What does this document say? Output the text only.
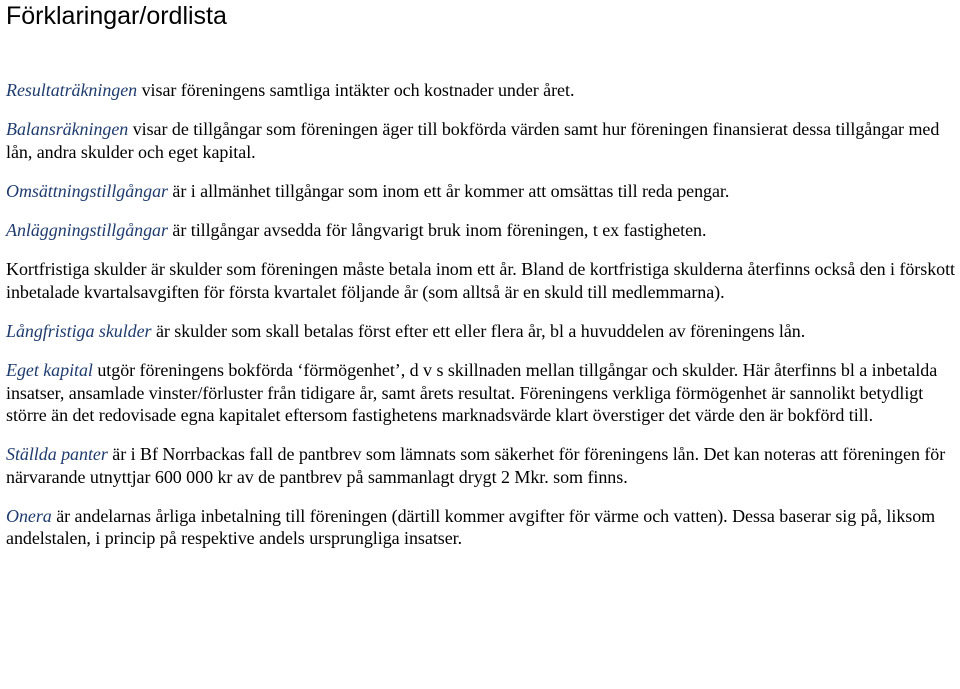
Förklaringar/ordlista

Resultaträkningen visar föreningens samtliga intäkter och kostnader under året.

Balansräkningen visar de tillgångar som föreningen äger till bokförda värden samt hur föreningen finansierat dessa tillgångar med lån, andra skulder och eget kapital.

Omsättningstillgångar är i allmänhet tillgångar som inom ett år kommer att omsättas till reda pengar.

Anläggningstillgångar är tillgångar avsedda för långvarigt bruk inom föreningen, t ex fastigheten.

Kortfristiga skulder är skulder som föreningen måste betala inom ett år. Bland de kortfristiga skulderna återfinns också den i förskott inbetalade kvartalsavgiften för första kvartalet följande år (som alltså är en skuld till medlemmarna).

Långfristiga skulder är skulder som skall betalas först efter ett eller flera år, bl a huvuddelen av föreningens lån.

Eget kapital utgör föreningens bokförda ‘förmögenhet’, d v s skillnaden mellan tillgångar och skulder. Här återfinns bl a inbetalda insatser, ansamlade vinster/förluster från tidigare år, samt årets resultat. Föreningens verkliga förmögenhet är sannolikt betydligt större än det redovisade egna kapitalet eftersom fastighetens marknadsvärde klart överstiger det värde den är bokförd till.

Ställda panter är i Bf Norrbackas fall de pantbrev som lämnats som säkerhet för föreningens lån. Det kan noteras att föreningen för närvarande utnyttjar 600 000 kr av de pantbrev på sammanlagt drygt 2 Mkr. som finns.

Onera är andelarnas årliga inbetalning till föreningen (därtill kommer avgifter för värme och vatten). Dessa baserar sig på, liksom andelstalen, i princip på respektive andels ursprungliga insatser.
